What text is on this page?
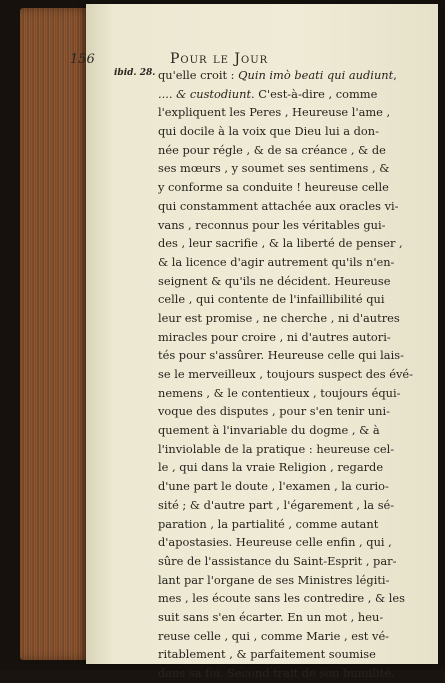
156	Pour le Jour
ibid. 28. qu'elle croit : Quin imò beati qui audiunt,
.... & custodiunt. C'est-à-dire , comme
l'expliquent les Peres , Heureuse l'ame ,
qui docile à la voix que Dieu lui a don-
née pour régle , & de sa créance , & de
ses mœurs , y soumet ses sentimens , &
y conforme sa conduite ! heureuse celle
qui constamment attachée aux oracles vi-
vans , reconnus pour les véritables gui-
des , leur sacrifie , & la liberté de penser ,
& la licence d'agir autrement qu'ils n'en-
seignent & qu'ils ne décident. Heureuse
celle , qui contente de l'infaillibilité qui
leur est promise , ne cherche , ni d'autres
miracles pour croire , ni d'autres autori-
tés pour s'assûrer. Heureuse celle qui lais-
se le merveilleux , toujours suspect des évé-
nemens , & le contentieux , toujours équi-
voque des disputes , pour s'en tenir uni-
quement à l'invariable du dogme , & à
l'inviolable de la pratique : heureuse cel-
le , qui dans la vraie Religion , regarde
d'une part le doute , l'examen , la curio-
sité ; & d'autre part , l'égarement , la sé-
paration , la partialité , comme autant
d'apostasies. Heureuse celle enfin , qui ,
sûre de l'assistance du Saint-Esprit , par-
lant par l'organe de ses Ministres légiti-
mes , les écoute sans les contredire , & les
suit sans s'en écarter. En un mot , heu-
reuse celle , qui , comme Marie , est vé-
ritablement , & parfaitement soumise
dans sa foi. Second trait de son humilité.
